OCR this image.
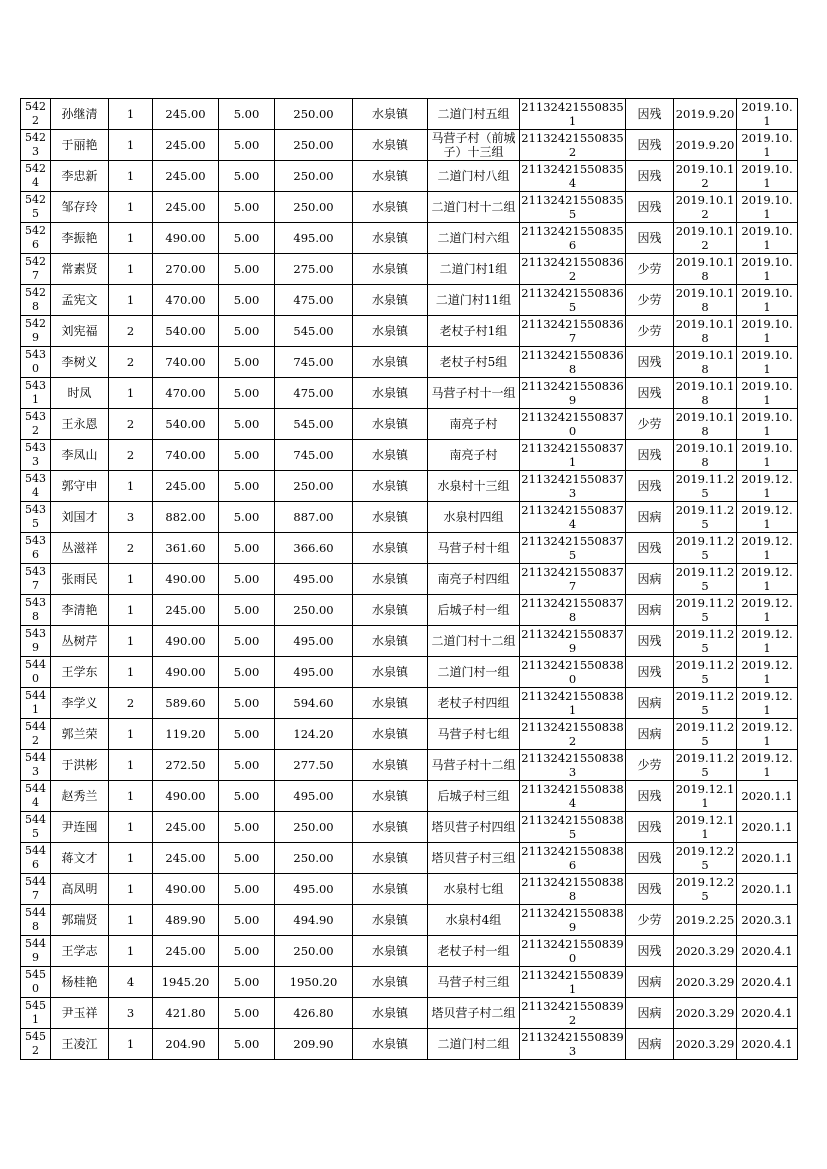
5422	孙继清	1	245.00	5.00	250.00	水泉镇	二道门村五组	211324215508351	因残	2019.9.20	2019.10.1
5423	于丽艳	1	245.00	5.00	250.00	水泉镇	马营子村（前城子）十三组	211324215508352	因残	2019.9.20	2019.10.1
5424	李忠新	1	245.00	5.00	250.00	水泉镇	二道门村八组	211324215508354	因残	2019.10.12	2019.10.1
5425	邹存玲	1	245.00	5.00	250.00	水泉镇	二道门村十二组	211324215508355	因残	2019.10.12	2019.10.1
5426	李振艳	1	490.00	5.00	495.00	水泉镇	二道门村六组	211324215508356	因残	2019.10.12	2019.10.1
5427	常素贤	1	270.00	5.00	275.00	水泉镇	二道门村1组	211324215508362	少劳	2019.10.18	2019.10.1
5428	孟宪文	1	470.00	5.00	475.00	水泉镇	二道门村11组	211324215508365	少劳	2019.10.18	2019.10.1
5429	刘宪福	2	540.00	5.00	545.00	水泉镇	老杖子村1组	211324215508367	少劳	2019.10.18	2019.10.1
5430	李树义	2	740.00	5.00	745.00	水泉镇	老杖子村5组	211324215508368	因残	2019.10.18	2019.10.1
5431	时凤	1	470.00	5.00	475.00	水泉镇	马营子村十一组	211324215508369	因残	2019.10.18	2019.10.1
5432	王永恩	2	540.00	5.00	545.00	水泉镇	南亮子村	211324215508370	少劳	2019.10.18	2019.10.1
5433	李凤山	2	740.00	5.00	745.00	水泉镇	南亮子村	211324215508371	因残	2019.10.18	2019.10.1
5434	郭守申	1	245.00	5.00	250.00	水泉镇	水泉村十三组	211324215508373	因残	2019.11.25	2019.12.1
5435	刘国才	3	882.00	5.00	887.00	水泉镇	水泉村四组	211324215508374	因病	2019.11.25	2019.12.1
5436	丛滋祥	2	361.60	5.00	366.60	水泉镇	马营子村十组	211324215508375	因残	2019.11.25	2019.12.1
5437	张雨民	1	490.00	5.00	495.00	水泉镇	南亮子村四组	211324215508377	因病	2019.11.25	2019.12.1
5438	李清艳	1	245.00	5.00	250.00	水泉镇	后城子村一组	211324215508378	因病	2019.11.25	2019.12.1
5439	丛树芹	1	490.00	5.00	495.00	水泉镇	二道门村十二组	211324215508379	因残	2019.11.25	2019.12.1
5440	王学东	1	490.00	5.00	495.00	水泉镇	二道门村一组	211324215508380	因残	2019.11.25	2019.12.1
5441	李学义	2	589.60	5.00	594.60	水泉镇	老杖子村四组	211324215508381	因病	2019.11.25	2019.12.1
5442	郭兰荣	1	119.20	5.00	124.20	水泉镇	马营子村七组	211324215508382	因病	2019.11.25	2019.12.1
5443	于洪彬	1	272.50	5.00	277.50	水泉镇	马营子村十二组	211324215508383	少劳	2019.11.25	2019.12.1
5444	赵秀兰	1	490.00	5.00	495.00	水泉镇	后城子村三组	211324215508384	因残	2019.12.11	2020.1.1
5445	尹连囤	1	245.00	5.00	250.00	水泉镇	塔贝营子村四组	211324215508385	因残	2019.12.11	2020.1.1
5446	蒋文才	1	245.00	5.00	250.00	水泉镇	塔贝营子村三组	211324215508386	因残	2019.12.25	2020.1.1
5447	高凤明	1	490.00	5.00	495.00	水泉镇	水泉村七组	211324215508388	因残	2019.12.25	2020.1.1
5448	郭瑞贤	1	489.90	5.00	494.90	水泉镇	水泉村4组	211324215508389	少劳	2019.2.25	2020.3.1
5449	王学志	1	245.00	5.00	250.00	水泉镇	老杖子村一组	211324215508390	因残	2020.3.29	2020.4.1
5450	杨桂艳	4	1945.20	5.00	1950.20	水泉镇	马营子村三组	211324215508391	因病	2020.3.29	2020.4.1
5451	尹玉祥	3	421.80	5.00	426.80	水泉镇	塔贝营子村二组	211324215508392	因病	2020.3.29	2020.4.1
5452	王凌江	1	204.90	5.00	209.90	水泉镇	二道门村二组	211324215508393	因病	2020.3.29	2020.4.1
